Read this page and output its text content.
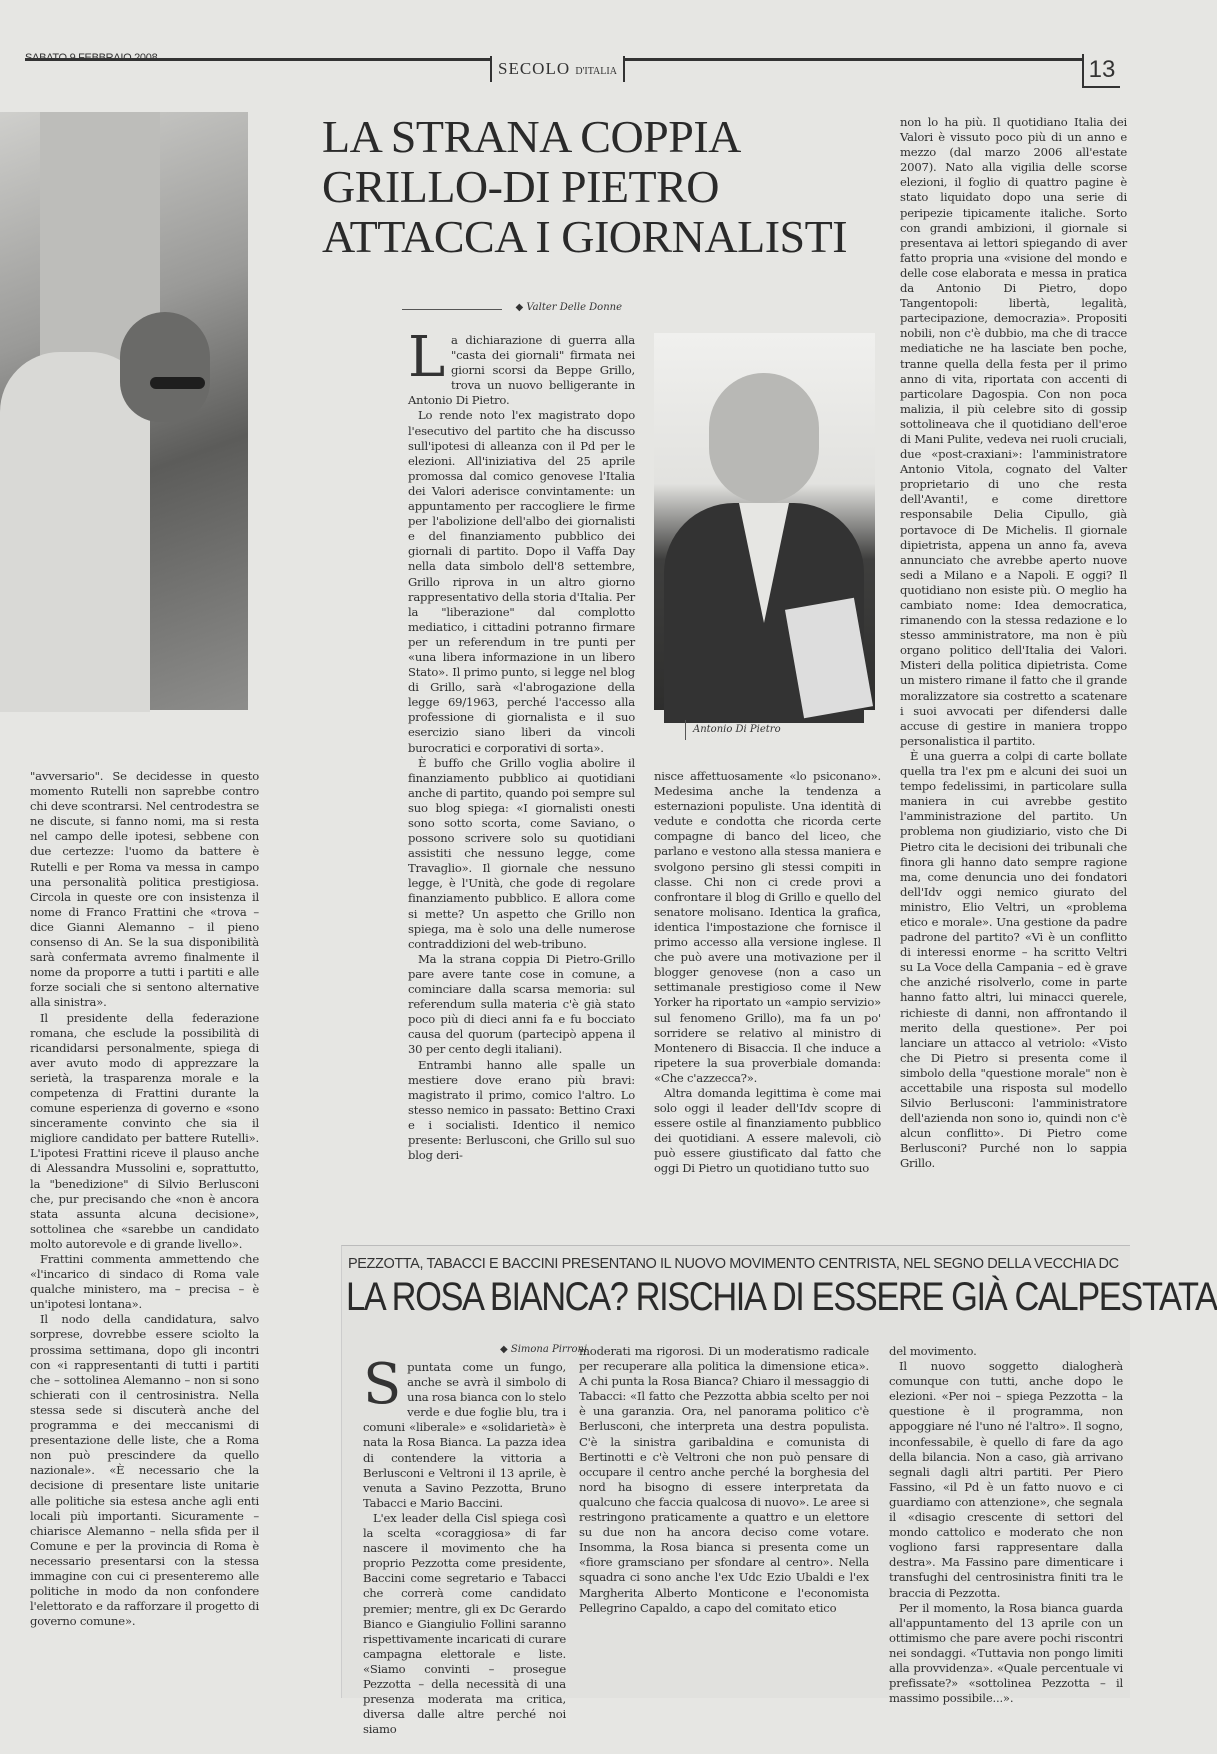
SABATO 9 FEBBRAIO 2008
SECOLO D'ITALIA	13
LA STRANA COPPIA
GRILLO-DI PIETRO
ATTACCA I GIORNALISTI
◆ Valter Delle Donne

La dichiarazione di guerra alla "casta dei giornali" firmata nei giorni scorsi da Beppe Grillo, trova un nuovo belligerante in Antonio Di Pietro.

Lo rende noto l'ex magistrato dopo l'esecutivo del partito che ha discusso sull'ipotesi di alleanza con il Pd per le elezioni. All'iniziativa del 25 aprile promossa dal comico genovese l'Italia dei Valori aderisce convintamente: un appuntamento per raccogliere le firme per l'abolizione dell'albo dei giornalisti e del finanziamento pubblico dei giornali di partito. Dopo il Vaffa Day nella data simbolo dell'8 settembre, Grillo riprova in un altro giorno rappresentativo della storia d'Italia. Per la "liberazione" dal complotto mediatico, i cittadini potranno firmare per un referendum in tre punti per «una libera informazione in un libero Stato». Il primo punto, si legge nel blog di Grillo, sarà «l'abrogazione della legge 69/1963, perché l'accesso alla professione di giornalista e il suo esercizio siano liberi da vincoli burocratici e corporativi di sorta».

È buffo che Grillo voglia abolire il finanziamento pubblico ai quotidiani anche di partito, quando poi sempre sul suo blog spiega: «I giornalisti onesti sono sotto scorta, come Saviano, o possono scrivere solo su quotidiani assistiti che nessuno legge, come Travaglio». Il giornale che nessuno legge, è l'Unità, che gode di regolare finanziamento pubblico. E allora come si mette? Un aspetto che Grillo non spiega, ma è solo una delle numerose contraddizioni del web-tribuno.

Ma la strana coppia Di Pietro-Grillo pare avere tante cose in comune, a cominciare dalla scarsa memoria: sul referendum sulla materia c'è già stato poco più di dieci anni fa e fu bocciato causa del quorum (partecipò appena il 30 per cento degli italiani).

Entrambi hanno alle spalle un mestiere dove erano più bravi: magistrato il primo, comico l'altro. Lo stesso nemico in passato: Bettino Craxi e i socialisti. Identico il nemico presente: Berlusconi, che Grillo sul suo blog deri-

Antonio Di Pietro

nisce affettuosamente «lo psiconano». Medesima anche la tendenza a esternazioni populiste. Una identità di vedute e condotta che ricorda certe compagne di banco del liceo, che parlano e vestono alla stessa maniera e svolgono persino gli stessi compiti in classe. Chi non ci crede provi a confrontare il blog di Grillo e quello del senatore molisano. Identica la grafica, identica l'impostazione che fornisce il primo accesso alla versione inglese. Il che può avere una motivazione per il blogger genovese (non a caso un settimanale prestigioso come il New Yorker ha riportato un «ampio servizio» sul fenomeno Grillo), ma fa un po' sorridere se relativo al ministro di Montenero di Bisaccia. Il che induce a ripetere la sua proverbiale domanda: «Che c'azzecca?».

Altra domanda legittima è come mai solo oggi il leader dell'Idv scopre di essere ostile al finanziamento pubblico dei quotidiani. A essere malevoli, ciò può essere giustificato dal fatto che oggi Di Pietro un quotidiano tutto suo

non lo ha più. Il quotidiano Italia dei Valori è vissuto poco più di un anno e mezzo (dal marzo 2006 all'estate 2007). Nato alla vigilia delle scorse elezioni, il foglio di quattro pagine è stato liquidato dopo una serie di peripezie tipicamente italiche. Sorto con grandi ambizioni, il giornale si presentava ai lettori spiegando di aver fatto propria una «visione del mondo e delle cose elaborata e messa in pratica da Antonio Di Pietro, dopo Tangentopoli: libertà, legalità, partecipazione, democrazia». Propositi nobili, non c'è dubbio, ma che di tracce mediatiche ne ha lasciate ben poche, tranne quella della festa per il primo anno di vita, riportata con accenti di particolare Dagospia. Con non poca malizia, il più celebre sito di gossip sottolineava che il quotidiano dell'eroe di Mani Pulite, vedeva nei ruoli cruciali, due «post-craxiani»: l'amministratore Antonio Vitola, cognato del Valter proprietario di uno che resta dell'Avanti!, e come direttore responsabile Delia Cipullo, già portavoce di De Michelis. Il giornale dipietrista, appena un anno fa, aveva annunciato che avrebbe aperto nuove sedi a Milano e a Napoli. E oggi? Il quotidiano non esiste più. O meglio ha cambiato nome: Idea democratica, rimanendo con la stessa redazione e lo stesso amministratore, ma non è più organo politico dell'Italia dei Valori. Misteri della politica dipietrista. Come un mistero rimane il fatto che il grande moralizzatore sia costretto a scatenare i suoi avvocati per difendersi dalle accuse di gestire in maniera troppo personalistica il partito.

È una guerra a colpi di carte bollate quella tra l'ex pm e alcuni dei suoi un tempo fedelissimi, in particolare sulla maniera in cui avrebbe gestito l'amministrazione del partito. Un problema non giudiziario, visto che Di Pietro cita le decisioni dei tribunali che finora gli hanno dato sempre ragione ma, come denuncia uno dei fondatori dell'Idv oggi nemico giurato del ministro, Elio Veltri, un «problema etico e morale». Una gestione da padre padrone del partito? «Vi è un conflitto di interessi enorme – ha scritto Veltri su La Voce della Campania – ed è grave che anziché risolverlo, come in parte hanno fatto altri, lui minacci querele, richieste di danni, non affrontando il merito della questione». Per poi lanciare un attacco al vetriolo: «Visto che Di Pietro si presenta come il simbolo della "questione morale" non è accettabile una risposta sul modello Silvio Berlusconi: l'amministratore dell'azienda non sono io, quindi non c'è alcun conflitto». Di Pietro come Berlusconi? Purché non lo sappia Grillo.

"avversario". Se decidesse in questo momento Rutelli non saprebbe contro chi deve scontrarsi. Nel centrodestra se ne discute, si fanno nomi, ma si resta nel campo delle ipotesi, sebbene con due certezze: l'uomo da battere è Rutelli e per Roma va messa in campo una personalità politica prestigiosa. Circola in queste ore con insistenza il nome di Franco Frattini che «trova – dice Gianni Alemanno – il pieno consenso di An. Se la sua disponibilità sarà confermata avremo finalmente il nome da proporre a tutti i partiti e alle forze sociali che si sentono alternative alla sinistra».

Il presidente della federazione romana, che esclude la possibilità di ricandidarsi personalmente, spiega di aver avuto modo di apprezzare la serietà, la trasparenza morale e la competenza di Frattini durante la comune esperienza di governo e «sono sinceramente convinto che sia il migliore candidato per battere Rutelli». L'ipotesi Frattini riceve il plauso anche di Alessandra Mussolini e, soprattutto, la "benedizione" di Silvio Berlusconi che, pur precisando che «non è ancora stata assunta alcuna decisione», sottolinea che «sarebbe un candidato molto autorevole e di grande livello».

Frattini commenta ammettendo che «l'incarico di sindaco di Roma vale qualche ministero, ma – precisa – è un'ipotesi lontana».

Il nodo della candidatura, salvo sorprese, dovrebbe essere sciolto la prossima settimana, dopo gli incontri con «i rappresentanti di tutti i partiti che – sottolinea Alemanno – non si sono schierati con il centrosinistra. Nella stessa sede si discuterà anche del programma e dei meccanismi di presentazione delle liste, che a Roma non può prescindere da quello nazionale». «È necessario che la decisione di presentare liste unitarie alle politiche sia estesa anche agli enti locali più importanti. Sicuramente – chiarisce Alemanno – nella sfida per il Comune e per la provincia di Roma è necessario presentarsi con la stessa immagine con cui ci presenteremo alle politiche in modo da non confondere l'elettorato e da rafforzare il progetto di governo comune».

PEZZOTTA, TABACCI E BACCINI PRESENTANO IL NUOVO MOVIMENTO CENTRISTA, NEL SEGNO DELLA VECCHIA DC
LA ROSA BIANCA? RISCHIA DI ESSERE GIÀ CALPESTATA
◆ Simona Pirroni

Spuntata come un fungo, anche se avrà il simbolo di una rosa bianca con lo stelo verde e due foglie blu, tra i comuni «liberale» e «solidarietà» è nata la Rosa Bianca. La pazza idea di contendere la vittoria a Berlusconi e Veltroni il 13 aprile, è venuta a Savino Pezzotta, Bruno Tabacci e Mario Baccini.

L'ex leader della Cisl spiega così la scelta «coraggiosa» di far nascere il movimento che ha proprio Pezzotta come presidente, Baccini come segretario e Tabacci che correrà come candidato premier; mentre, gli ex Dc Gerardo Bianco e Giangiulio Follini saranno rispettivamente incaricati di curare campagna elettorale e liste. «Siamo convinti – prosegue Pezzotta – della necessità di una presenza moderata ma critica, diversa dalle altre perché noi siamo

moderati ma rigorosi. Di un moderatismo radicale per recuperare alla politica la dimensione etica». A chi punta la Rosa Bianca? Chiaro il messaggio di Tabacci: «Il fatto che Pezzotta abbia scelto per noi è una garanzia. Ora, nel panorama politico c'è Berlusconi, che interpreta una destra populista. C'è la sinistra garibaldina e comunista di Bertinotti e c'è Veltroni che non può pensare di occupare il centro anche perché la borghesia del nord ha bisogno di essere interpretata da qualcuno che faccia qualcosa di nuovo». Le aree si restringono praticamente a quattro e un elettore su due non ha ancora deciso come votare. Insomma, la Rosa bianca si presenta come un «fiore gramsciano per sfondare al centro». Nella squadra ci sono anche l'ex Udc Ezio Ubaldi e l'ex Margherita Alberto Monticone e l'economista Pellegrino Capaldo, a capo del comitato etico

del movimento.

Il nuovo soggetto dialogherà comunque con tutti, anche dopo le elezioni. «Per noi – spiega Pezzotta – la questione è il programma, non appoggiare né l'uno né l'altro». Il sogno, inconfessabile, è quello di fare da ago della bilancia. Non a caso, già arrivano segnali dagli altri partiti. Per Piero Fassino, «il Pd è un fatto nuovo e ci guardiamo con attenzione», che segnala il «disagio crescente di settori del mondo cattolico e moderato che non vogliono farsi rappresentare dalla destra». Ma Fassino pare dimenticare i transfughi del centrosinistra finiti tra le braccia di Pezzotta.

Per il momento, la Rosa bianca guarda all'appuntamento del 13 aprile con un ottimismo che pare avere pochi riscontri nei sondaggi. «Tuttavia non pongo limiti alla provvidenza». «Quale percentuale vi prefissate?» «sottolinea Pezzotta – il massimo possibile...».
